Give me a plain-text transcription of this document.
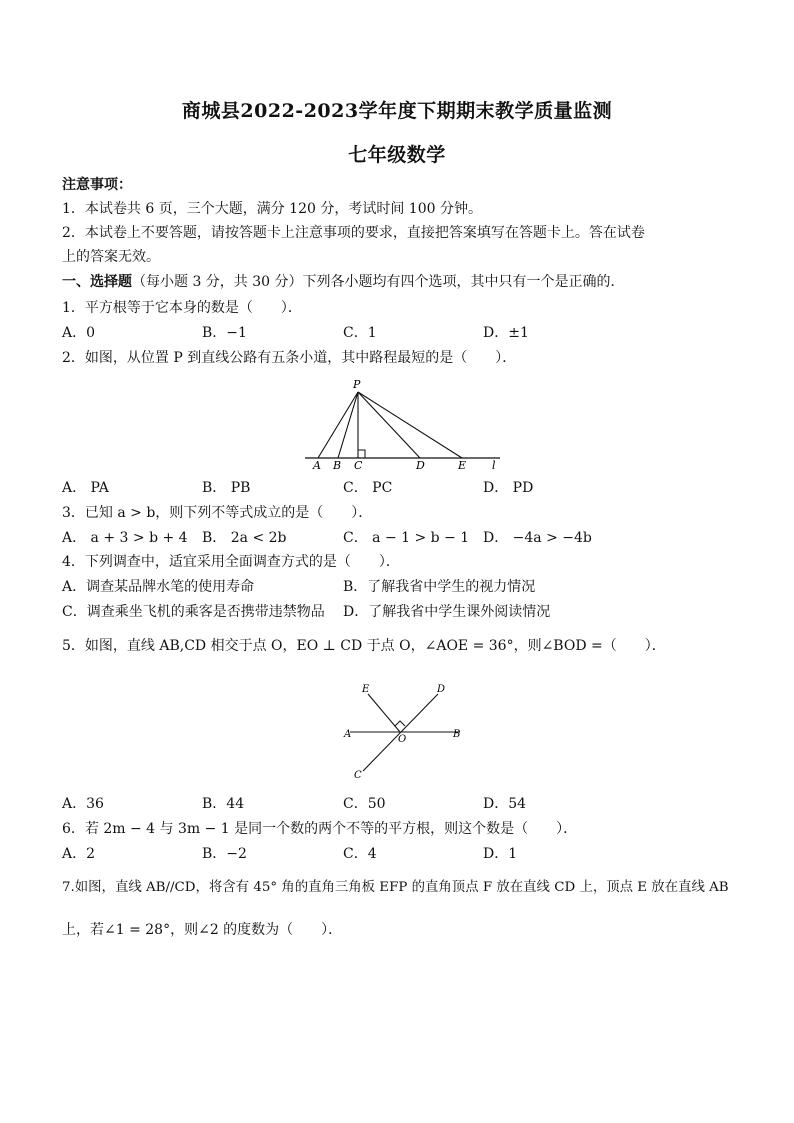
商城县2022-2023学年度下期期末教学质量监测
七年级数学
注意事项：
1．本试卷共 6 页，三个大题，满分 120 分，考试时间 100 分钟。
2．本试卷上不要答题，请按答题卡上注意事项的要求，直接把答案填写在答题卡上。答在试卷
上的答案无效。
一、选择题（每小题 3 分，共 30 分）下列各小题均有四个选项，其中只有一个是正确的．
1．平方根等于它本身的数是（　　）．
A．0	B．−1	C．1	D．±1
2．如图，从位置 P 到直线公路有五条小道，其中路程最短的是（　　）．
P
A B C	D	E l
A． PA	B． PB	C． PC	D． PD
3．已知 a > b，则下列不等式成立的是（　　）．
A． a + 3 > b + 4 B． 2a < 2b	C． a − 1 > b − 1 D． −4a > −4b
4．下列调查中，适宜采用全面调查方式的是（　　）．
A．调查某品牌水笔的使用寿命	B．了解我省中学生的视力情况
C．调查乘坐飞机的乘客是否携带违禁物品 D．了解我省中学生课外阅读情况
5．如图，直线 AB,CD 相交于点 O，EO ⊥ CD 于点 O，∠AOE = 36°，则∠BOD =（　　）．
E	D
A	O	B
C
A．36	B．44	C．50	D．54
6．若 2m − 4 与 3m − 1 是同一个数的两个不等的平方根，则这个数是（　　）．
A．2	B．−2	C．4	D．1
7.如图，直线 AB//CD，将含有 45° 角的直角三角板 EFP 的直角顶点 F 放在直线 CD 上，顶点 E 放在直线 AB
上，若∠1 = 28°，则∠2 的度数为（　　）．
